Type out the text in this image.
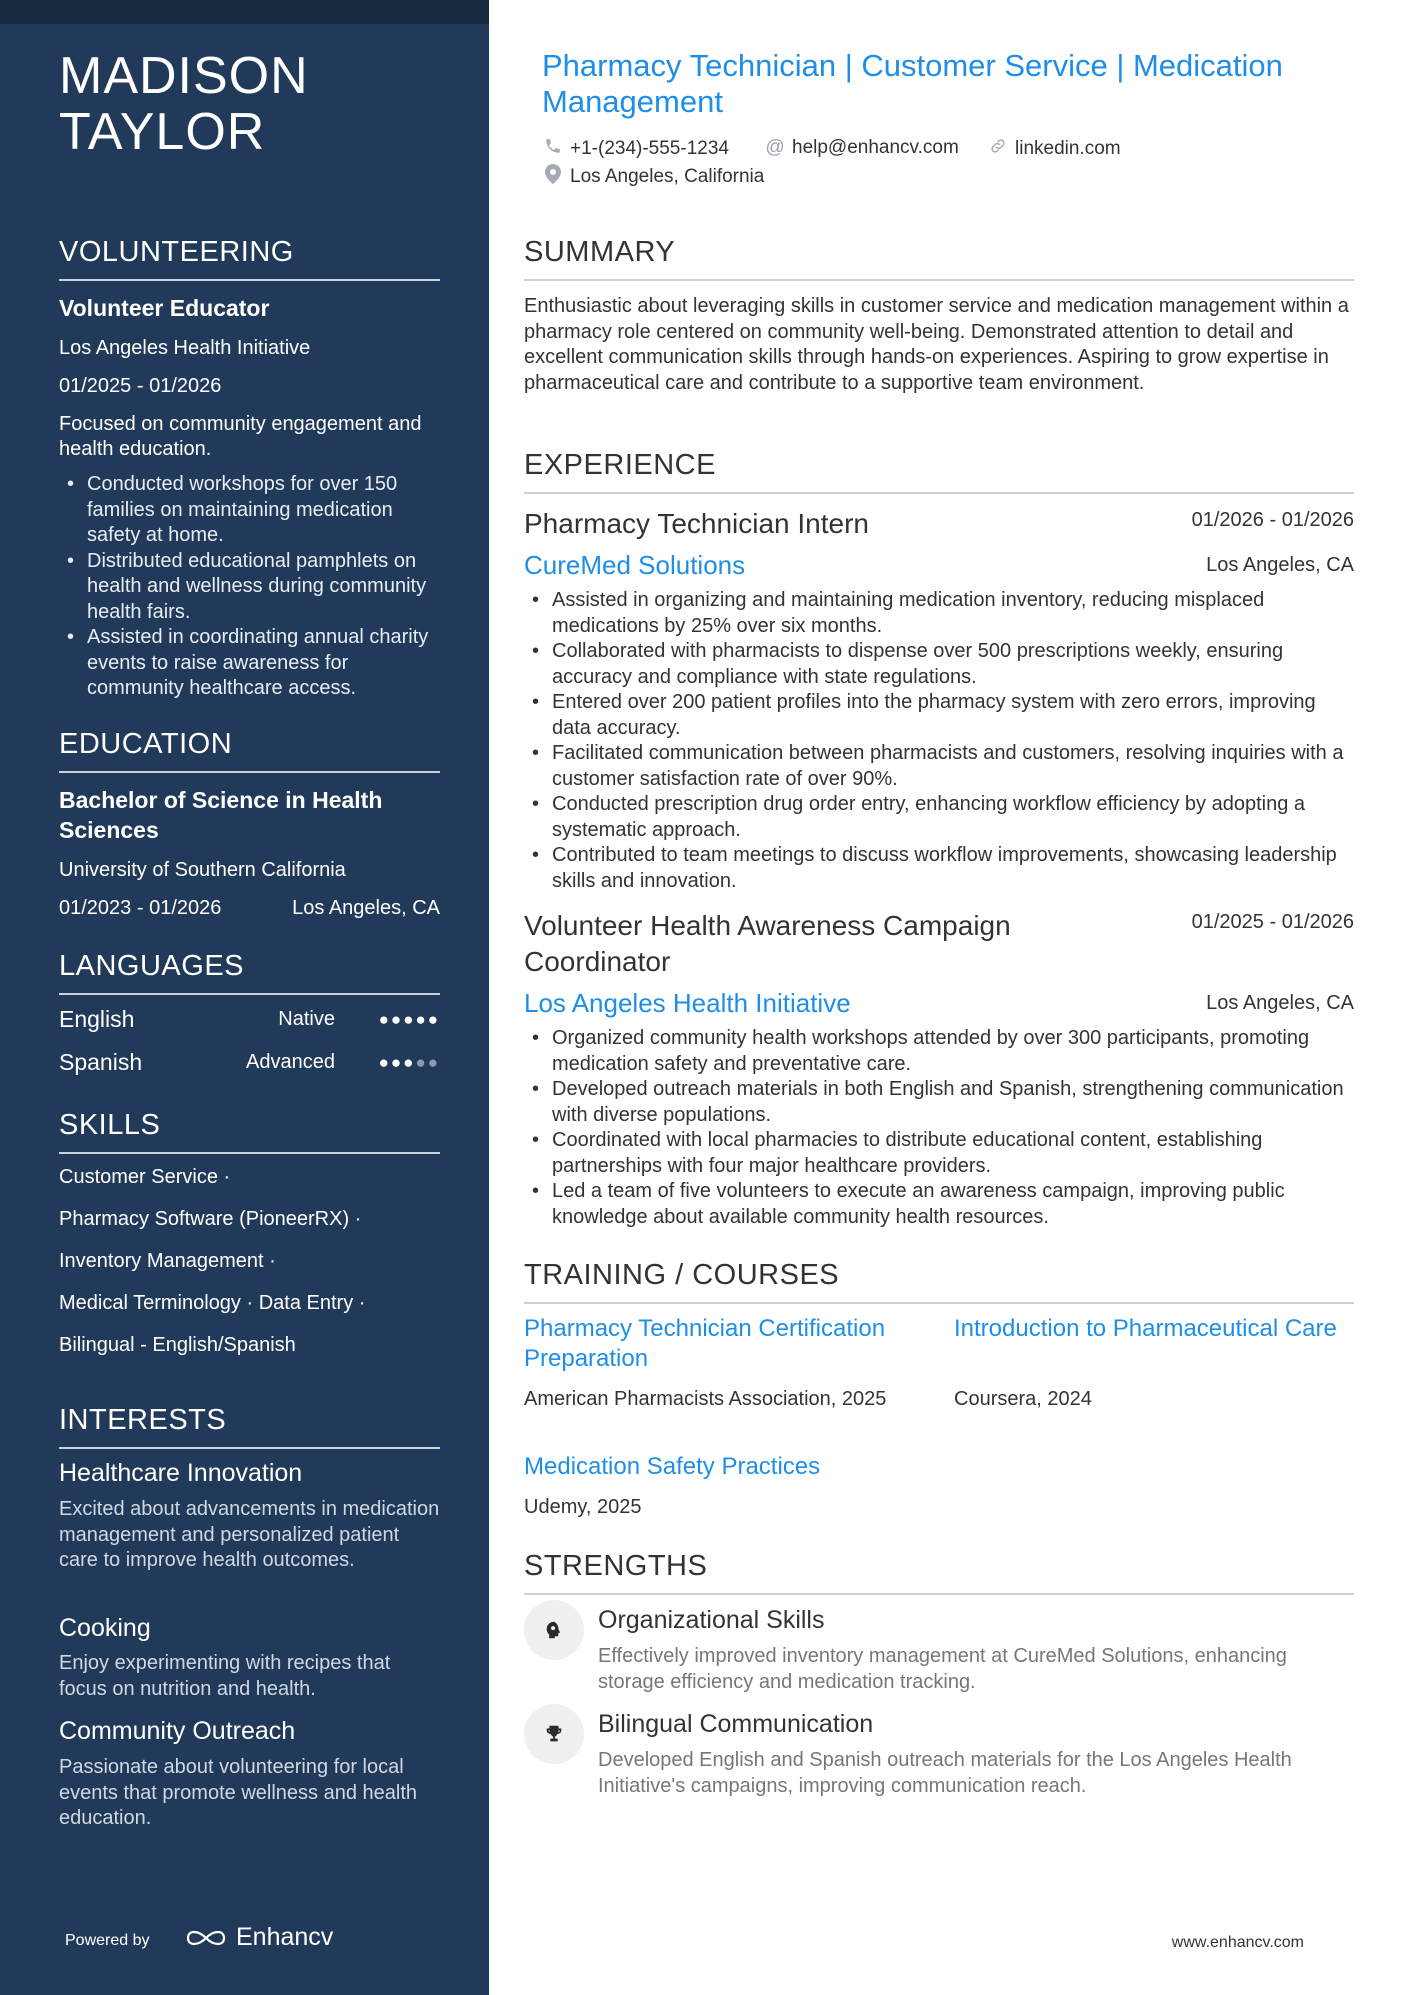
MADISON TAYLOR
VOLUNTEERING
Volunteer Educator
Los Angeles Health Initiative
01/2025 - 01/2026
Focused on community engagement and health education.
• Conducted workshops for over 150 families on maintaining medication safety at home.
• Distributed educational pamphlets on health and wellness during community health fairs.
• Assisted in coordinating annual charity events to raise awareness for community healthcare access.
EDUCATION
Bachelor of Science in Health Sciences
University of Southern California
01/2023 - 01/2026	Los Angeles, CA
LANGUAGES
English	Native	●●●●●
Spanish	Advanced	●●●●●
SKILLS
Customer Service ·
Pharmacy Software (PioneerRX) ·
Inventory Management ·
Medical Terminology · Data Entry ·
Bilingual - English/Spanish
INTERESTS
Healthcare Innovation
Excited about advancements in medication management and personalized patient care to improve health outcomes.
Cooking
Enjoy experimenting with recipes that focus on nutrition and health.
Community Outreach
Passionate about volunteering for local events that promote wellness and health education.
Powered by	Enhancv
Pharmacy Technician | Customer Service | Medication Management
+1-(234)-555-1234 @ help@enhancv.com	linkedin.com
Los Angeles, California
SUMMARY
Enthusiastic about leveraging skills in customer service and medication management within a pharmacy role centered on community well-being. Demonstrated attention to detail and excellent communication skills through hands-on experiences. Aspiring to grow expertise in pharmaceutical care and contribute to a supportive team environment.
EXPERIENCE
Pharmacy Technician Intern	01/2026 - 01/2026
CureMed Solutions	Los Angeles, CA
• Assisted in organizing and maintaining medication inventory, reducing misplaced medications by 25% over six months.
• Collaborated with pharmacists to dispense over 500 prescriptions weekly, ensuring accuracy and compliance with state regulations.
• Entered over 200 patient profiles into the pharmacy system with zero errors, improving data accuracy.
• Facilitated communication between pharmacists and customers, resolving inquiries with a customer satisfaction rate of over 90%.
• Conducted prescription drug order entry, enhancing workflow efficiency by adopting a systematic approach.
• Contributed to team meetings to discuss workflow improvements, showcasing leadership skills and innovation.
Volunteer Health Awareness Campaign Coordinator
01/2025 - 01/2026
Los Angeles Health Initiative	Los Angeles, CA
• Organized community health workshops attended by over 300 participants, promoting medication safety and preventative care.
• Developed outreach materials in both English and Spanish, strengthening communication with diverse populations.
• Coordinated with local pharmacies to distribute educational content, establishing partnerships with four major healthcare providers.
• Led a team of five volunteers to execute an awareness campaign, improving public knowledge about available community health resources.
TRAINING / COURSES
Pharmacy Technician Certification Preparation
American Pharmacists Association, 2025
Introduction to Pharmaceutical Care
Coursera, 2024
Medication Safety Practices
Udemy, 2025
STRENGTHS
Organizational Skills
Effectively improved inventory management at CureMed Solutions, enhancing storage efficiency and medication tracking.
Bilingual Communication
Developed English and Spanish outreach materials for the Los Angeles Health Initiative's campaigns, improving communication reach.
www.enhancv.com
